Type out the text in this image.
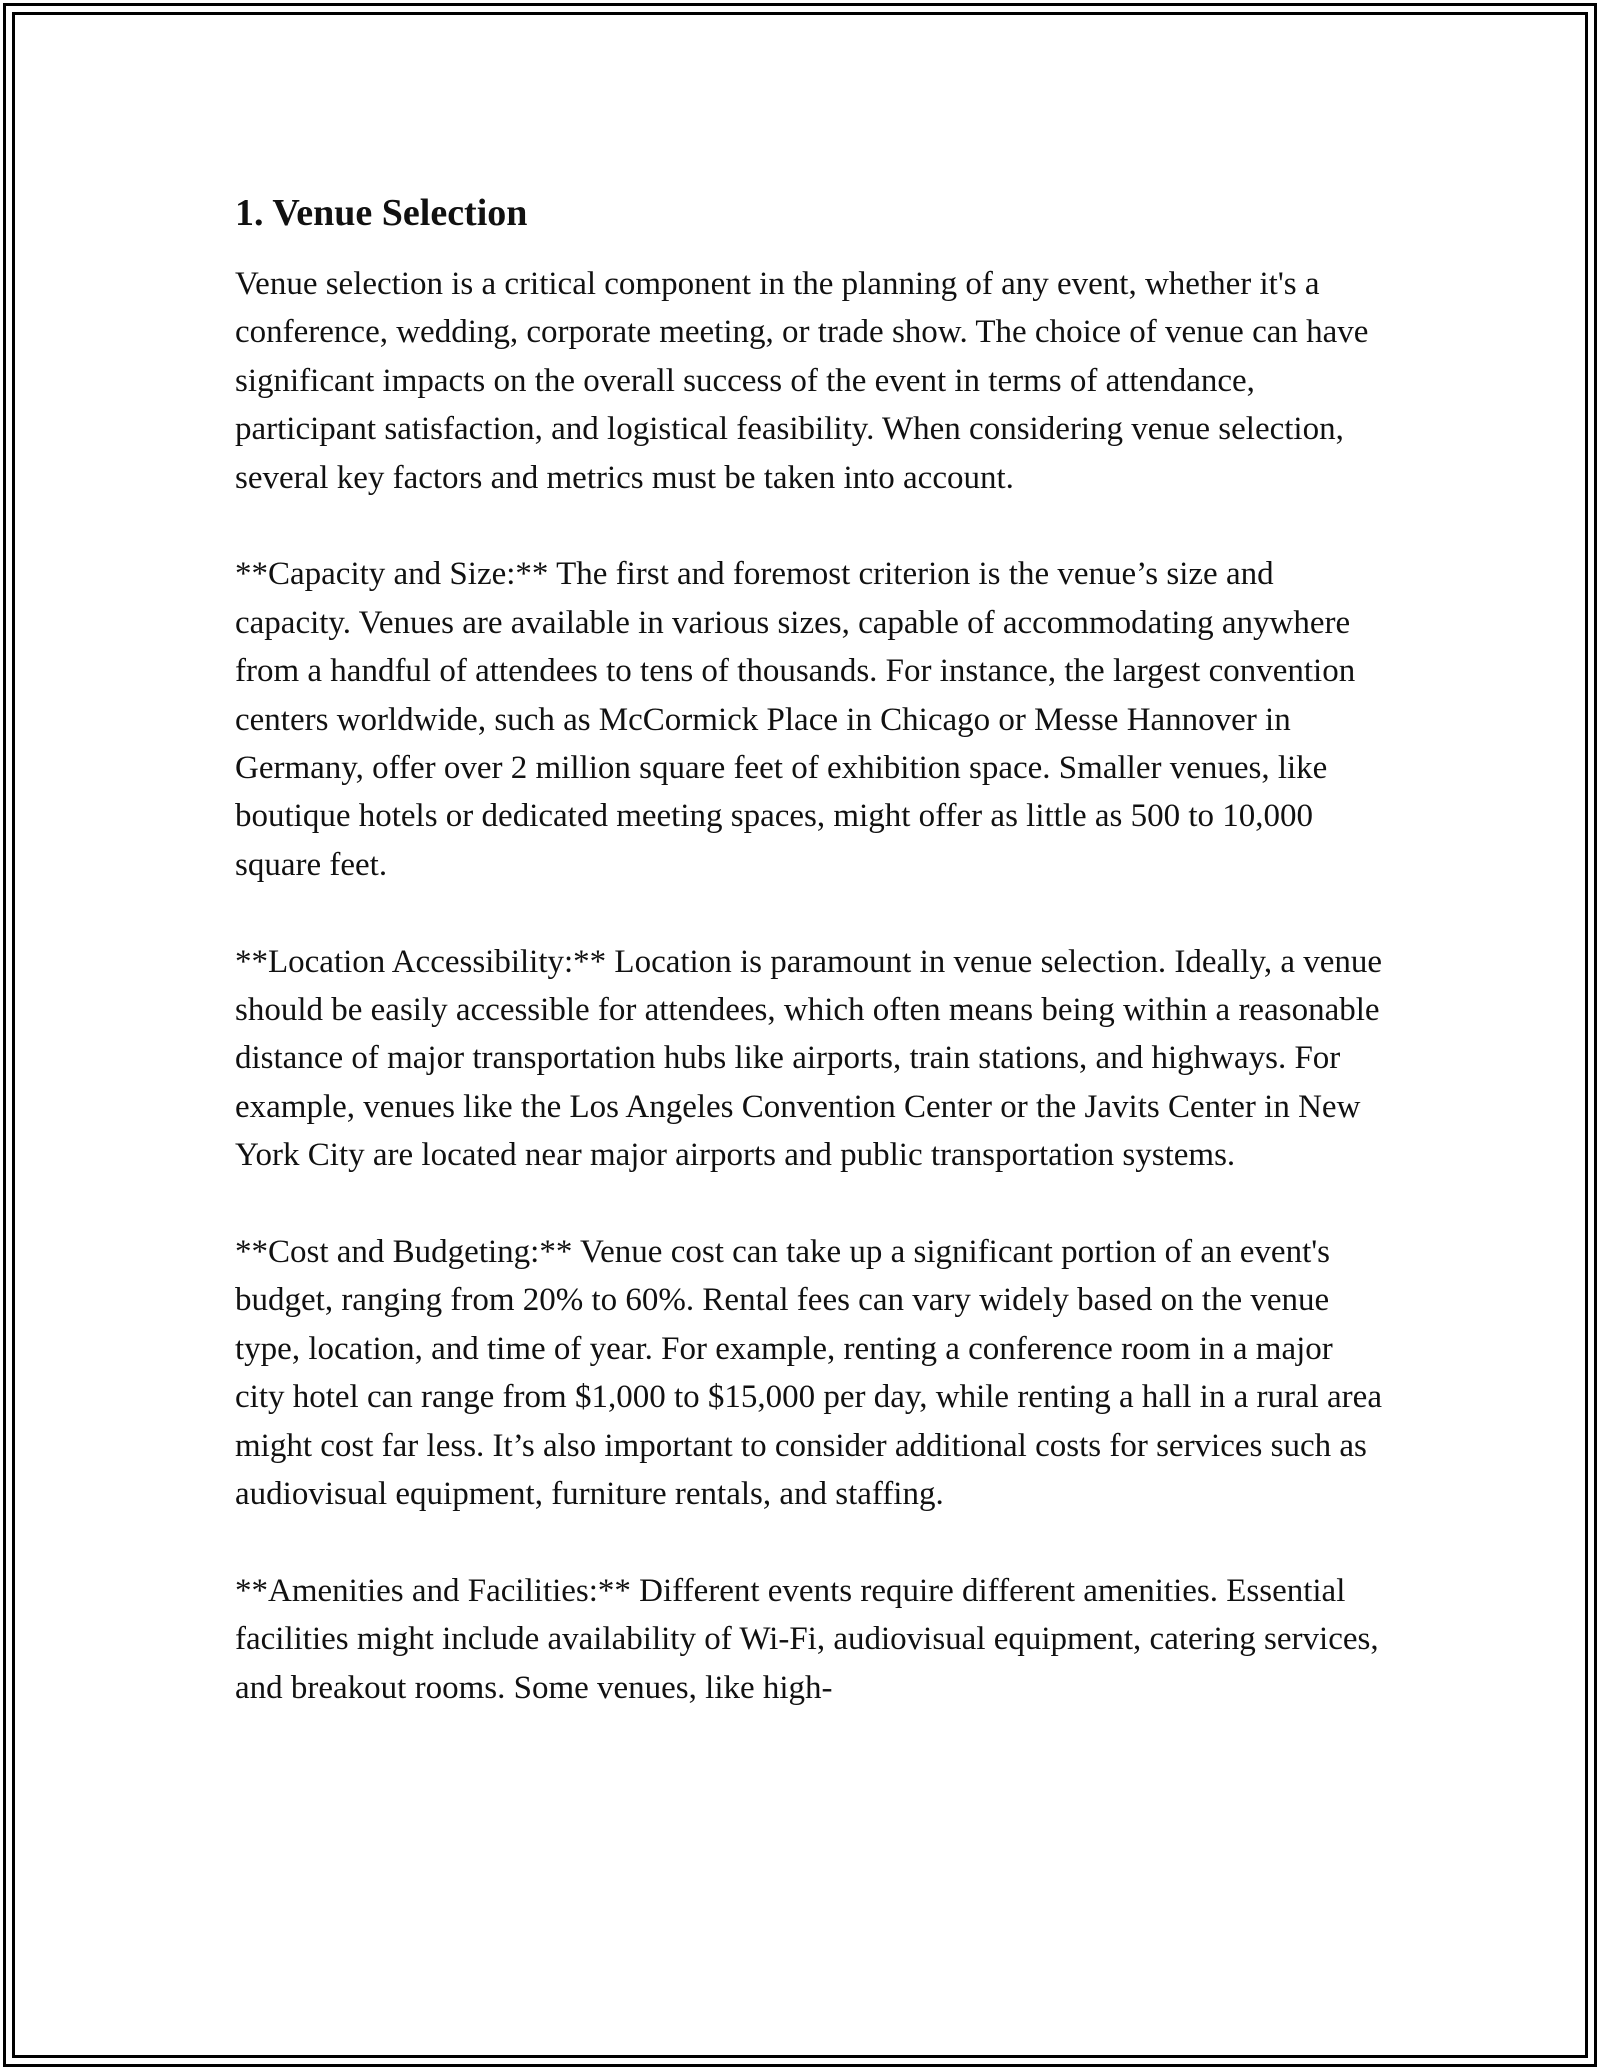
1. Venue Selection

Venue selection is a critical component in the planning of any event, whether it's a conference, wedding, corporate meeting, or trade show. The choice of venue can have significant impacts on the overall success of the event in terms of attendance, participant satisfaction, and logistical feasibility. When considering venue selection, several key factors and metrics must be taken into account.

**Capacity and Size:** The first and foremost criterion is the venue’s size and capacity. Venues are available in various sizes, capable of accommodating anywhere from a handful of attendees to tens of thousands. For instance, the largest convention centers worldwide, such as McCormick Place in Chicago or Messe Hannover in Germany, offer over 2 million square feet of exhibition space. Smaller venues, like boutique hotels or dedicated meeting spaces, might offer as little as 500 to 10,000 square feet.

**Location Accessibility:** Location is paramount in venue selection. Ideally, a venue should be easily accessible for attendees, which often means being within a reasonable distance of major transportation hubs like airports, train stations, and highways. For example, venues like the Los Angeles Convention Center or the Javits Center in New York City are located near major airports and public transportation systems.

**Cost and Budgeting:** Venue cost can take up a significant portion of an event's budget, ranging from 20% to 60%. Rental fees can vary widely based on the venue type, location, and time of year. For example, renting a conference room in a major city hotel can range from $1,000 to $15,000 per day, while renting a hall in a rural area might cost far less. It’s also important to consider additional costs for services such as audiovisual equipment, furniture rentals, and staffing.

**Amenities and Facilities:** Different events require different amenities. Essential facilities might include availability of Wi-Fi, audiovisual equipment, catering services, and breakout rooms. Some venues, like high-
